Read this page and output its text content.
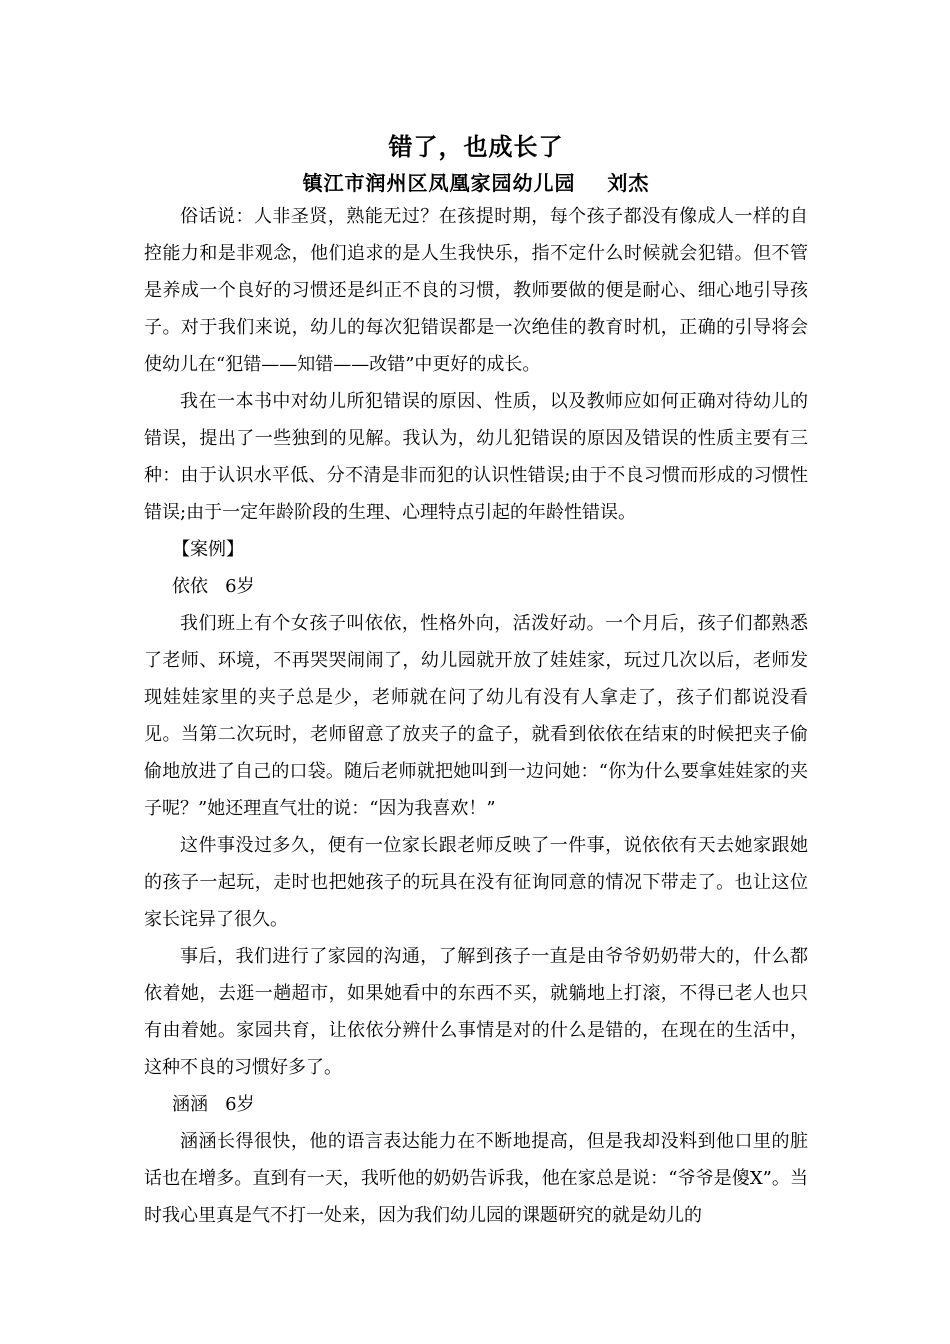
错了，也成长了

镇江市润州区凤凰家园幼儿园    刘杰

俗话说：人非圣贤，熟能无过？在孩提时期，每个孩子都没有像成人一样的自控能力和是非观念，他们追求的是人生我快乐，指不定什么时候就会犯错。但不管是养成一个良好的习惯还是纠正不良的习惯，教师要做的便是耐心、细心地引导孩子。对于我们来说，幼儿的每次犯错误都是一次绝佳的教育时机，正确的引导将会使幼儿在“犯错——知错——改错”中更好的成长。

我在一本书中对幼儿所犯错误的原因、性质，以及教师应如何正确对待幼儿的错误，提出了一些独到的见解。我认为，幼儿犯错误的原因及错误的性质主要有三种：由于认识水平低、分不清是非而犯的认识性错误;由于不良习惯而形成的习惯性错误;由于一定年龄阶段的生理、心理特点引起的年龄性错误。

【案例】

依依   6岁

我们班上有个女孩子叫依依，性格外向，活泼好动。一个月后，孩子们都熟悉了老师、环境，不再哭哭闹闹了，幼儿园就开放了娃娃家，玩过几次以后，老师发现娃娃家里的夹子总是少，老师就在问了幼儿有没有人拿走了，孩子们都说没看见。当第二次玩时，老师留意了放夹子的盒子，就看到依依在结束的时候把夹子偷偷地放进了自己的口袋。随后老师就把她叫到一边问她：“你为什么要拿娃娃家的夹子呢？”她还理直气壮的说：“因为我喜欢！”

这件事没过多久，便有一位家长跟老师反映了一件事，说依依有天去她家跟她的孩子一起玩，走时也把她孩子的玩具在没有征询同意的情况下带走了。也让这位家长诧异了很久。

事后，我们进行了家园的沟通，了解到孩子一直是由爷爷奶奶带大的，什么都依着她，去逛一趟超市，如果她看中的东西不买，就躺地上打滚，不得已老人也只有由着她。家园共育，让依依分辨什么事情是对的什么是错的，在现在的生活中，这种不良的习惯好多了。

涵涵   6岁

涵涵长得很快，他的语言表达能力在不断地提高，但是我却没料到他口里的脏话也在增多。直到有一天，我听他的奶奶告诉我，他在家总是说：“爷爷是傻X”。当时我心里真是气不打一处来，因为我们幼儿园的课题研究的就是幼儿的
